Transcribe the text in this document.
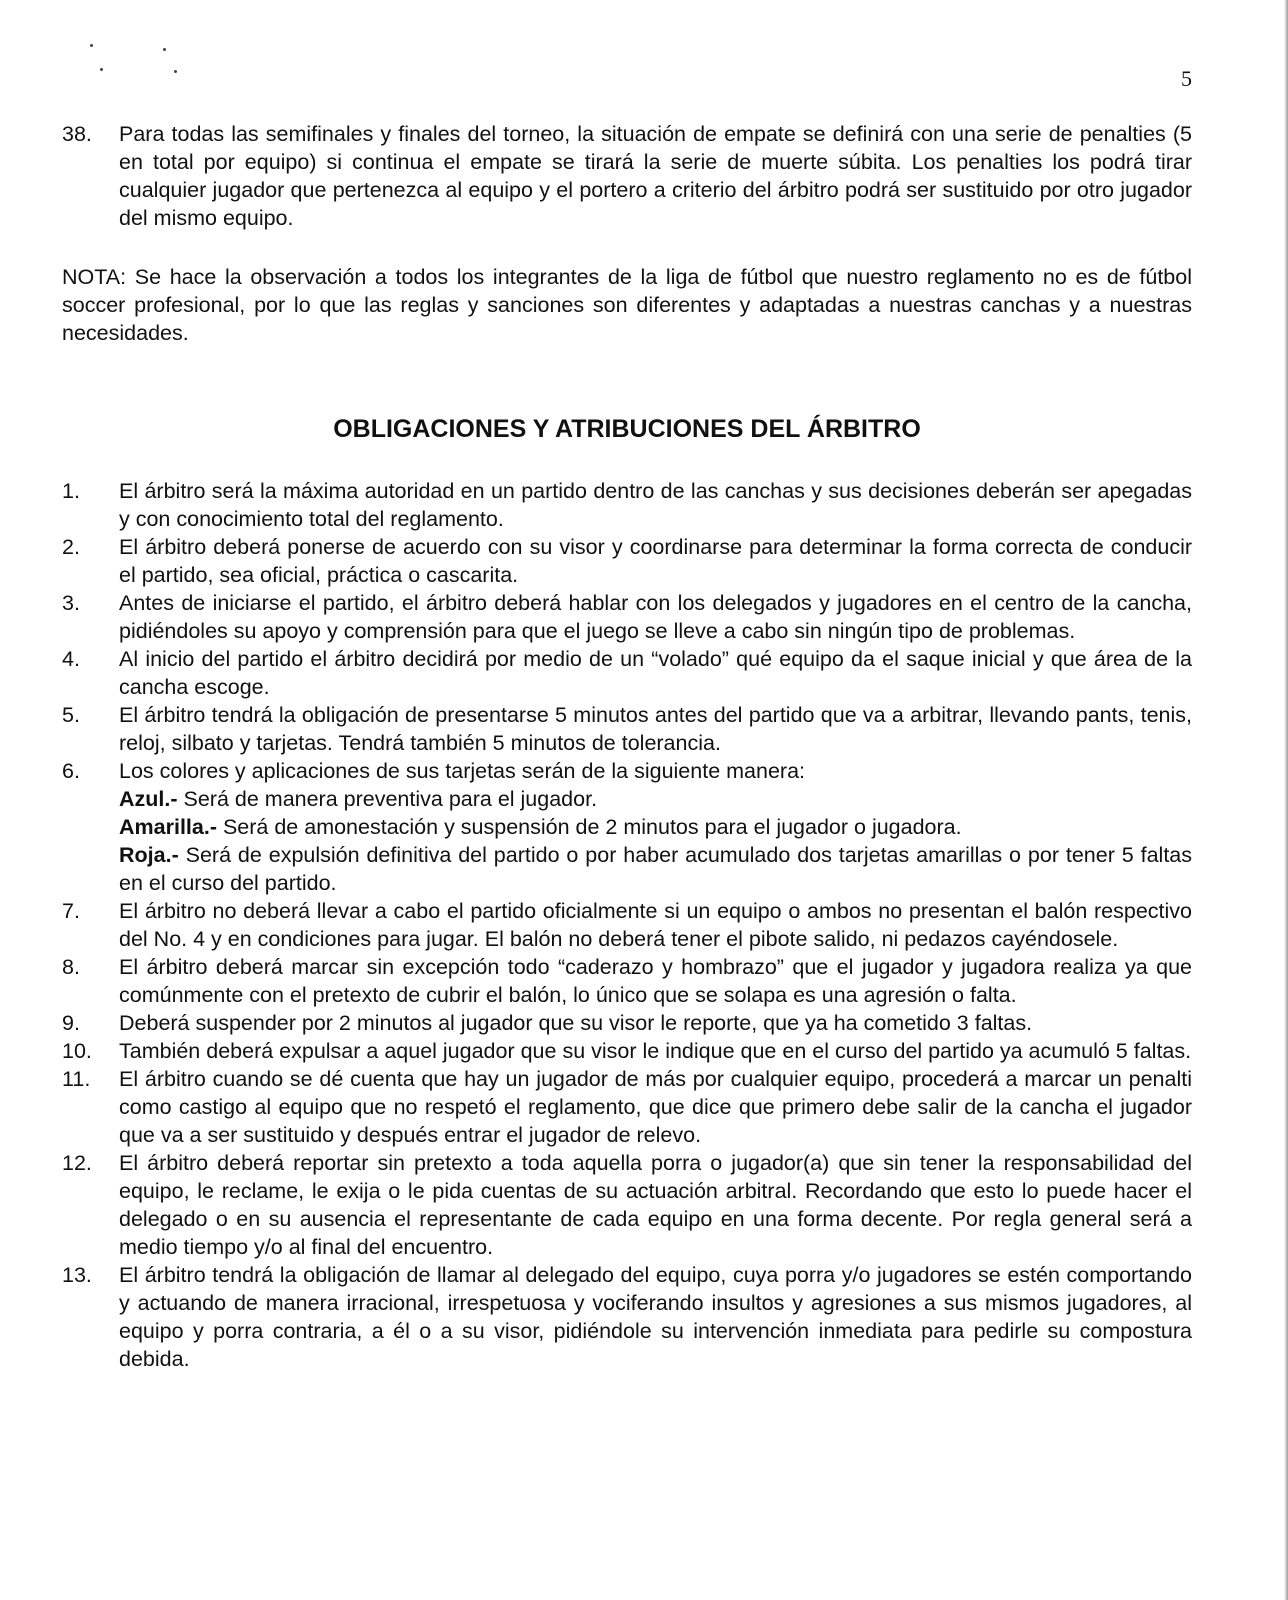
5
38.	Para todas las semifinales y finales del torneo, la situación de empate se definirá con una serie de penalties (5 en total por equipo) si continua el empate se tirará la serie de muerte súbita. Los penalties los podrá tirar cualquier jugador que pertenezca al equipo y el portero a criterio del árbitro podrá ser sustituido por otro jugador del mismo equipo.

NOTA: Se hace la observación a todos los integrantes de la liga de fútbol que nuestro reglamento no es de fútbol soccer profesional, por lo que las reglas y sanciones son diferentes y adaptadas a nuestras canchas y a nuestras necesidades.

OBLIGACIONES Y ATRIBUCIONES DEL ÁRBITRO
1.	El árbitro será la máxima autoridad en un partido dentro de las canchas y sus decisiones deberán ser apegadas y con conocimiento total del reglamento.
2.	El árbitro deberá ponerse de acuerdo con su visor y coordinarse para determinar la forma correcta de conducir el partido, sea oficial, práctica o cascarita.
3.	Antes de iniciarse el partido, el árbitro deberá hablar con los delegados y jugadores en el centro de la cancha, pidiéndoles su apoyo y comprensión para que el juego se lleve a cabo sin ningún tipo de problemas.
4.	Al inicio del partido el árbitro decidirá por medio de un “volado” qué equipo da el saque inicial y que área de la cancha escoge.
5.	El árbitro tendrá la obligación de presentarse 5 minutos antes del partido que va a arbitrar, llevando pants, tenis, reloj, silbato y tarjetas. Tendrá también 5 minutos de tolerancia.
6.	Los colores y aplicaciones de sus tarjetas serán de la siguiente manera:
Azul.- Será de manera preventiva para el jugador.
Amarilla.- Será de amonestación y suspensión de 2 minutos para el jugador o jugadora.
Roja.- Será de expulsión definitiva del partido o por haber acumulado dos tarjetas amarillas o por tener 5 faltas en el curso del partido.
7.	El árbitro no deberá llevar a cabo el partido oficialmente si un equipo o ambos no presentan el balón respectivo del No. 4 y en condiciones para jugar. El balón no deberá tener el pibote salido, ni pedazos cayéndosele.
8.	El árbitro deberá marcar sin excepción todo “caderazo y hombrazo” que el jugador y jugadora realiza ya que comúnmente con el pretexto de cubrir el balón, lo único que se solapa es una agresión o falta.
9.	Deberá suspender por 2 minutos al jugador que su visor le reporte, que ya ha cometido 3 faltas.
10.	También deberá expulsar a aquel jugador que su visor le indique que en el curso del partido ya acumuló 5 faltas.
11.	El árbitro cuando se dé cuenta que hay un jugador de más por cualquier equipo, procederá a marcar un penalti como castigo al equipo que no respetó el reglamento, que dice que primero debe salir de la cancha el jugador que va a ser sustituido y después entrar el jugador de relevo.
12.	El árbitro deberá reportar sin pretexto a toda aquella porra o jugador(a) que sin tener la responsabilidad del equipo, le reclame, le exija o le pida cuentas de su actuación arbitral. Recordando que esto lo puede hacer el delegado o en su ausencia el representante de cada equipo en una forma decente. Por regla general será a medio tiempo y/o al final del encuentro.
13.	El árbitro tendrá la obligación de llamar al delegado del equipo, cuya porra y/o jugadores se estén comportando y actuando de manera irracional, irrespetuosa y vociferando insultos y agresiones a sus mismos jugadores, al equipo y porra contraria, a él o a su visor, pidiéndole su intervención inmediata para pedirle su compostura debida.
